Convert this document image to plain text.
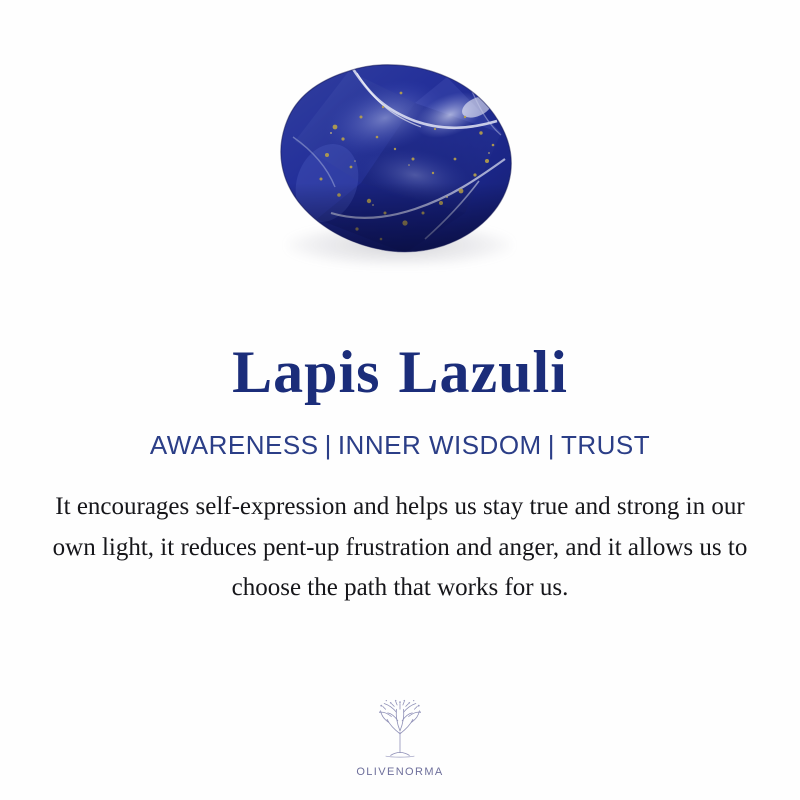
Lapis Lazuli
AWARENESS | INNER WISDOM | TRUST

It encourages self-expression and helps us stay true and strong in our own light, it reduces pent-up frustration and anger, and it allows us to choose the path that works for us.

OLIVENORMA
